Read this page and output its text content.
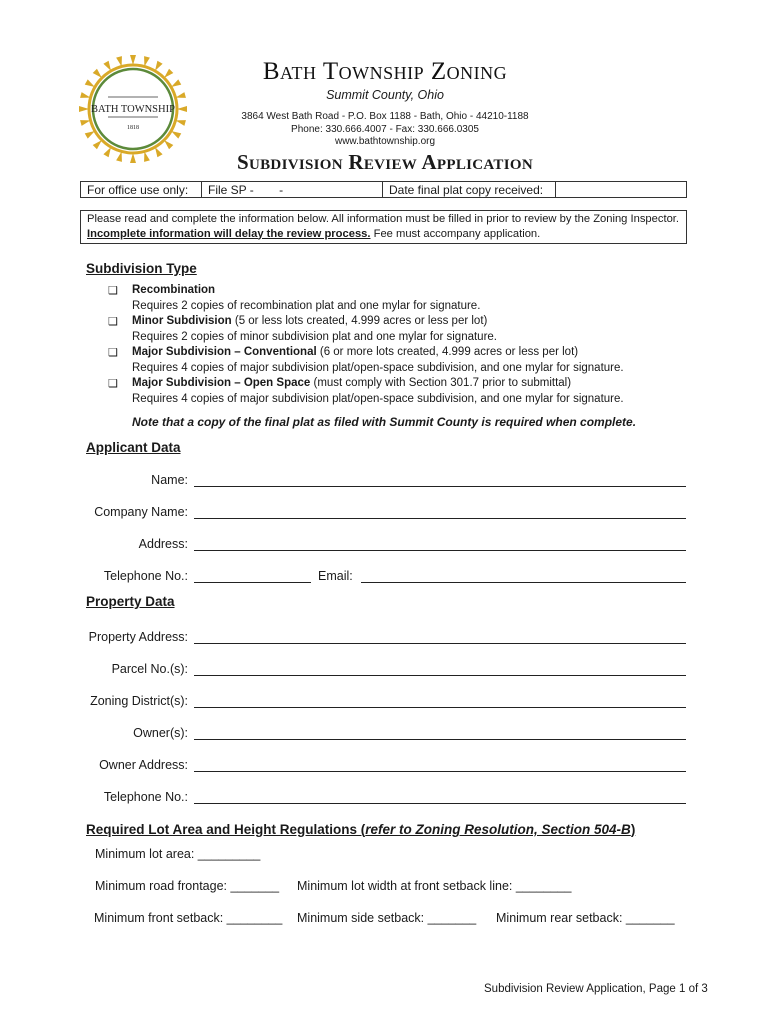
BATH TOWNSHIP
1818
Bath Township Zoning
Summit County, Ohio
3864 West Bath Road - P.O. Box 1188 - Bath, Ohio - 44210-1188
Phone: 330.666.4007 - Fax: 330.666.0305
www.bathtownship.org
Subdivision Review Application
For office use only:	File SP - -	Date final plat copy received:	
Please read and complete the information below. All information must be filled in prior to review by the Zoning Inspector.
Incomplete information will delay the review process. Fee must accompany application.
Subdivision Type
❑ Recombination
Requires 2 copies of recombination plat and one mylar for signature.
❑ Minor Subdivision (5 or less lots created, 4.999 acres or less per lot)
Requires 2 copies of minor subdivision plat and one mylar for signature.
❑ Major Subdivision – Conventional (6 or more lots created, 4.999 acres or less per lot)
Requires 4 copies of major subdivision plat/open-space subdivision, and one mylar for signature.
❑ Major Subdivision – Open Space (must comply with Section 301.7 prior to submittal)
Requires 4 copies of major subdivision plat/open-space subdivision, and one mylar for signature.
Note that a copy of the final plat as filed with Summit County is required when complete.
Applicant Data
Name:
Company Name:
Address:
Telephone No.:	Email:
Property Data
Property Address:
Parcel No.(s):
Zoning District(s):
Owner(s):
Owner Address:
Telephone No.:
Required Lot Area and Height Regulations (refer to Zoning Resolution, Section 504-B)
Minimum lot area: _________
Minimum road frontage: _______ Minimum lot width at front setback line: ________
Minimum front setback: ________ Minimum side setback: _______ Minimum rear setback: _______
Subdivision Review Application, Page 1 of 3
